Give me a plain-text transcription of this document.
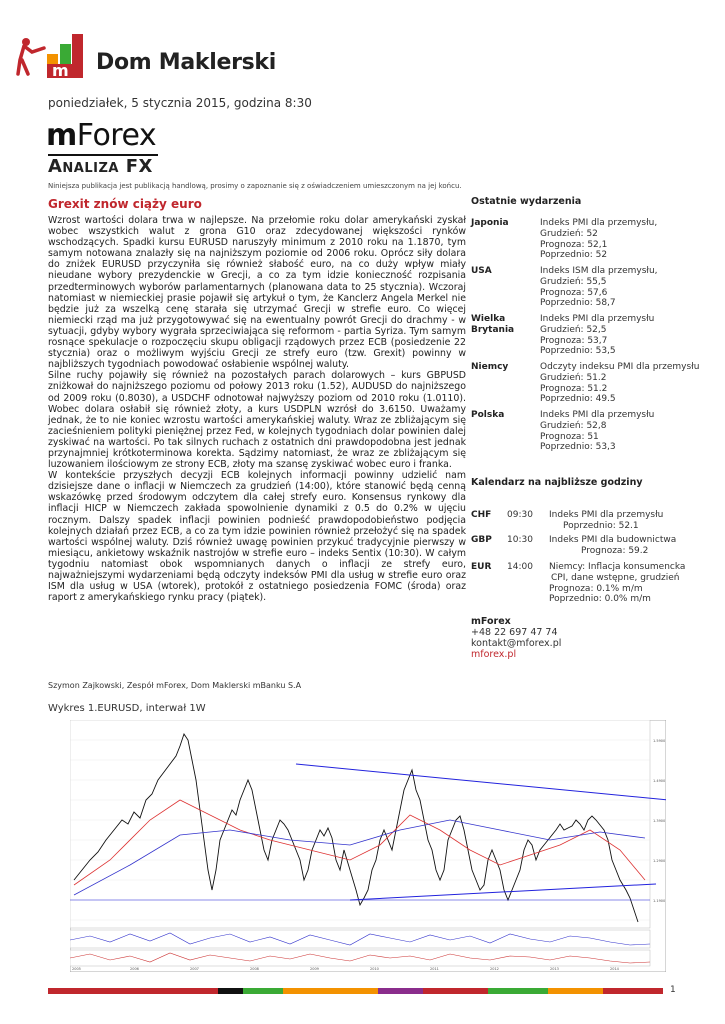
m Dom Maklerski
poniedziałek, 5 stycznia 2015, godzina 8:30
mForex
Analiza FX
Niniejsza publikacja jest publikacją handlową, prosimy o zapoznanie się z oświadczeniem umieszczonym na jej końcu.
Grexit znów ciąży euro

Wzrost wartości dolara trwa w najlepsze. Na przełomie roku dolar amerykański zyskał wobec wszystkich walut z grona G10 oraz zdecydowanej większości rynków wschodzących. Spadki kursu EURUSD naruszyły minimum z 2010 roku na 1.1870, tym samym notowana znalazły się na najniższym poziomie od 2006 roku. Oprócz siły dolara do zniżek EURUSD przyczyniła się również słabość euro, na co duży wpływ miały nieudane wybory prezydenckie w Grecji, a co za tym idzie konieczność rozpisania przedterminowych wyborów parlamentarnych (planowana data to 25 stycznia). Wczoraj natomiast w niemieckiej prasie pojawił się artykuł o tym, że Kanclerz Angela Merkel nie będzie już za wszelką cenę starała się utrzymać Grecji w strefie euro. Co więcej niemiecki rząd ma już przygotowywać się na ewentualny powrót Grecji do drachmy - w sytuacji, gdyby wybory wygrała sprzeciwiająca się reformom - partia Syriza. Tym samym rosnące spekulacje o rozpoczęciu skupu obligacji rządowych przez ECB (posiedzenie 22 stycznia) oraz o możliwym wyjściu Grecji ze strefy euro (tzw. Grexit) powinny w najbliższych tygodniach powodować osłabienie wspólnej waluty.

Silne ruchy pojawiły się również na pozostałych parach dolarowych – kurs GBPUSD zniżkował do najniższego poziomu od połowy 2013 roku (1.52), AUDUSD do najniższego od 2009 roku (0.8030), a USDCHF odnotował najwyższy poziom od 2010 roku (1.0110). Wobec dolara osłabił się również złoty, a kurs USDPLN wzrósł do 3.6150. Uważamy jednak, że to nie koniec wzrostu wartości amerykańskiej waluty. Wraz ze zbliżającym się zacieśnieniem polityki pieniężnej przez Fed, w kolejnych tygodniach dolar powinien dalej zyskiwać na wartości. Po tak silnych ruchach z ostatnich dni prawdopodobna jest jednak przynajmniej krótkoterminowa korekta. Sądzimy natomiast, że wraz ze zbliżającym się luzowaniem ilościowym ze strony ECB, złoty ma szansę zyskiwać wobec euro i franka.

W kontekście przyszłych decyzji ECB kolejnych informacji powinny udzielić nam dzisiejsze dane o inflacji w Niemczech za grudzień (14:00), które stanowić będą cenną wskazówkę przed środowym odczytem dla całej strefy euro. Konsensus rynkowy dla inflacji HICP w Niemczech zakłada spowolnienie dynamiki z 0.5 do 0.2% w ujęciu rocznym. Dalszy spadek inflacji powinien podnieść prawdopodobieństwo podjęcia kolejnych działań przez ECB, a co za tym idzie powinien również przełożyć się na spadek wartości wspólnej waluty. Dziś również uwagę powinien przykuć tradycyjnie pierwszy w miesiącu, ankietowy wskaźnik nastrojów w strefie euro – indeks Sentix (10:30). W całym tygodniu natomiast obok wspomnianych danych o inflacji ze strefy euro, najważniejszymi wydarzeniami będą odczyty indeksów PMI dla usług w strefie euro oraz ISM dla usług w USA (wtorek), protokół z ostatniego posiedzenia FOMC (środa) oraz raport z amerykańskiego rynku pracy (piątek).

Szymon Zajkowski, Zespół mForex, Dom Maklerski mBanku S.A
Wykres 1.EURUSD, interwał 1W
Ostatnie wydarzenia
Japonia	Indeks PMI dla przemysłu,
Grudzień: 52
Prognoza: 52,1
Poprzednio: 52
USA	Indeks ISM dla przemysłu,
Grudzień: 55,5
Prognoza: 57,6
Poprzednio: 58,7
Wielka Brytania
Indeks PMI dla przemysłu
Grudzień: 52,5
Prognoza: 53,7
Poprzednio: 53,5
Niemcy	Odczyty indeksu PMI dla przemysłu
Grudzień: 51.2
Prognoza: 51.2
Poprzednio: 49.5
Polska	Indeks PMI dla przemysłu
Grudzień: 52,8
Prognoza: 51
Poprzednio: 53,3
Kalendarz na najbliższe godziny
CHF 09:30 Indeks PMI dla przemysłu
Poprzednio: 52.1
GBP 10:30 Indeks PMI dla budownictwa
Prognoza: 59.2
EUR 14:00 Niemcy: Inflacja konsumencka
CPI, dane wstępne, grudzień
Prognoza: 0.1% m/m
Poprzednio: 0.0% m/m
mForex
+48 22 697 47 74
kontakt@mforex.pl
mforex.pl
1.5900
1.4900
1.3900
1.2900
1.1900
2005	2006	2007	2008	2009	2010	2011	2012	2013	2014
1
